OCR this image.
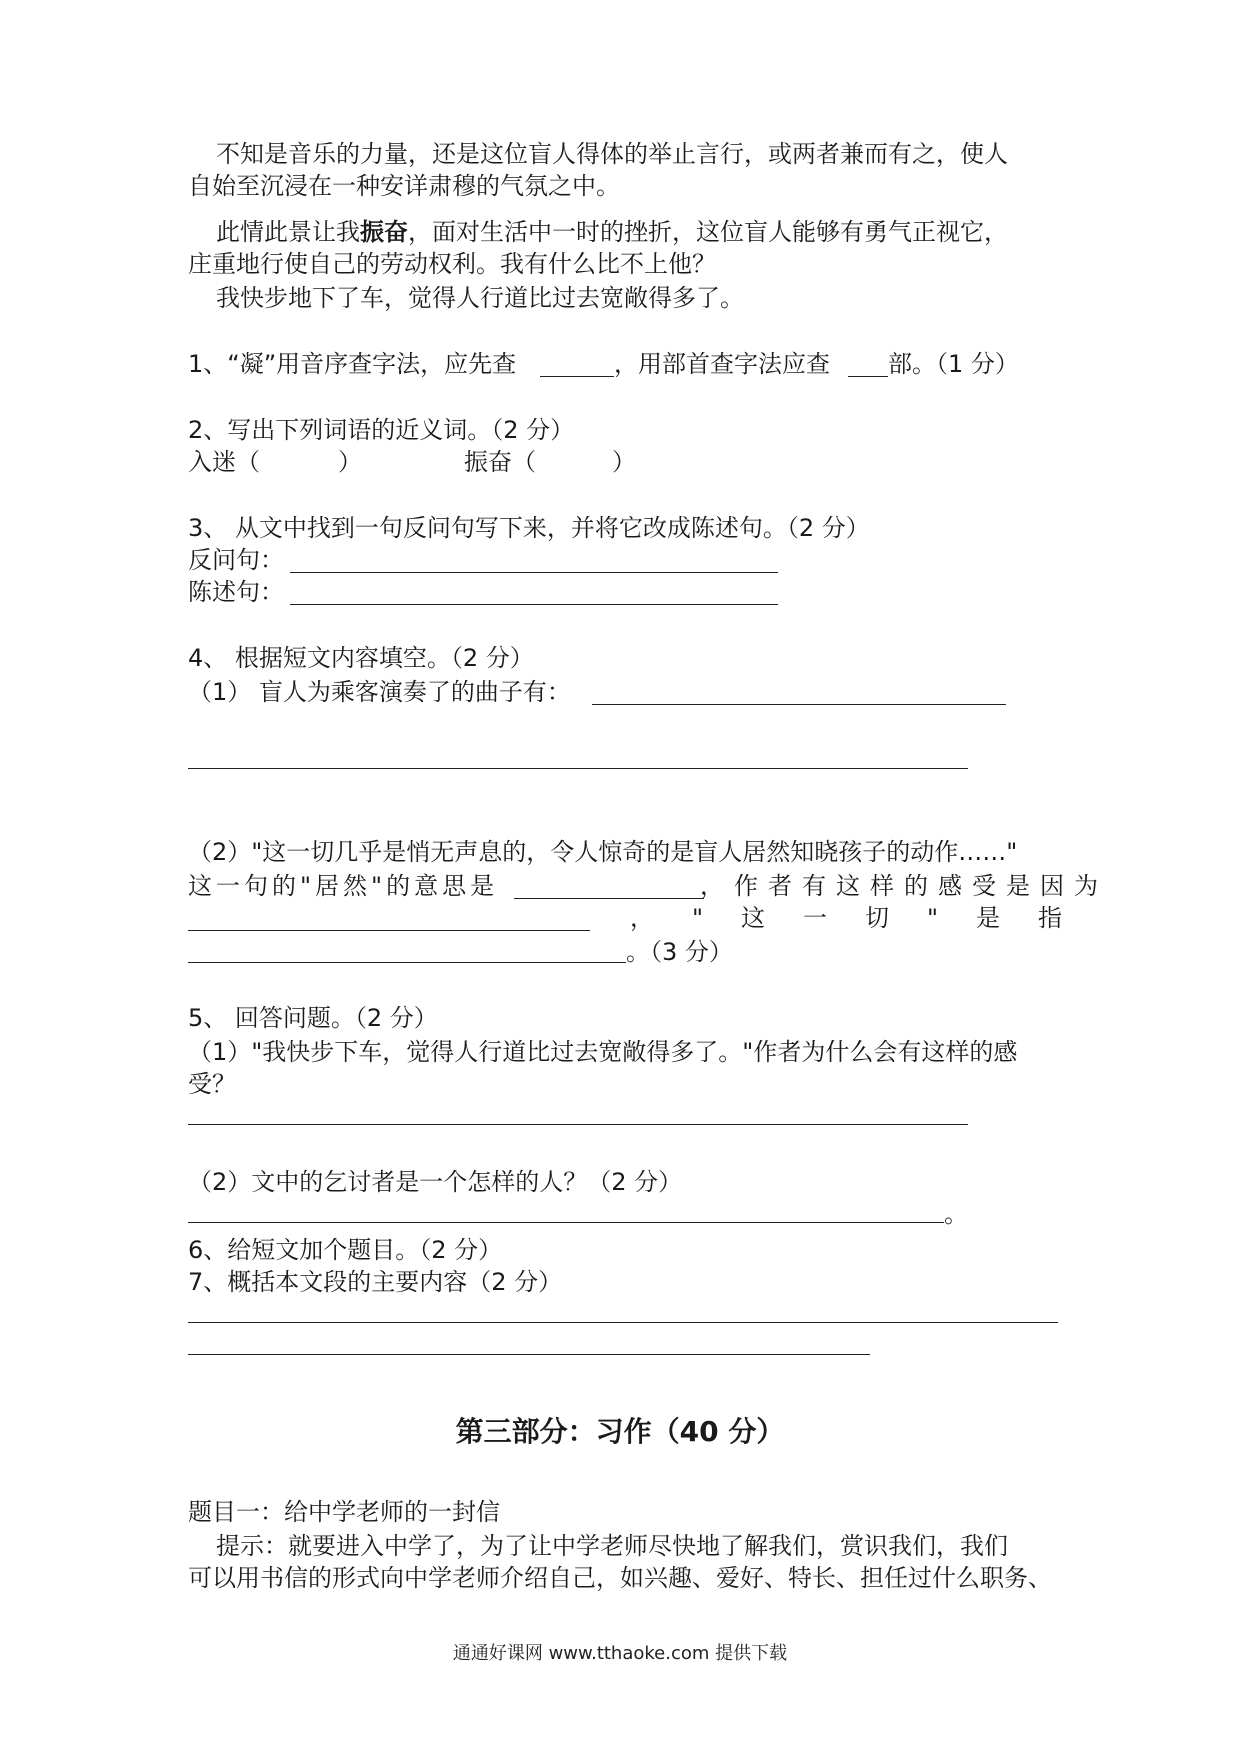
不知是音乐的力量，还是这位盲人得体的举止言行，或两者兼而有之，使人
自始至沉浸在一种安详肃穆的气氛之中。
此情此景让我振奋，面对生活中一时的挫折，这位盲人能够有勇气正视它，
庄重地行使自己的劳动权利。我有什么比不上他？
我快步地下了车，觉得人行道比过去宽敞得多了。
1、“凝”用音序查字法，应先查	，用部首查字法应查 部。（1 分）
2、写出下列词语的近义词。（2 分）
入迷（	）	振奋（	）
3、 从文中找到一句反问句写下来，并将它改成陈述句。（2 分）
反问句：
陈述句：
4、 根据短文内容填空。（2 分）
（1） 盲人为乘客演奏了的曲子有：
（2）"这一切几乎是悄无声息的，令人惊奇的是盲人居然知晓孩子的动作……"
这一句的"居然"的意思是	，作者有这样的感受是因为
， " 这 一 切 " 是 指
。（3 分）
5、 回答问题。（2 分）
（1）"我快步下车，觉得人行道比过去宽敞得多了。"作者为什么会有这样的感
受？
（2）文中的乞讨者是一个怎样的人？（2 分）
。
6、给短文加个题目。（2 分）
7、概括本文段的主要内容（2 分）
第三部分：习作（40 分）
题目一：给中学老师的一封信
提示：就要进入中学了，为了让中学老师尽快地了解我们，赏识我们，我们
可以用书信的形式向中学老师介绍自己，如兴趣、爱好、特长、担任过什么职务、
通通好课网 www.tthaoke.com 提供下载
